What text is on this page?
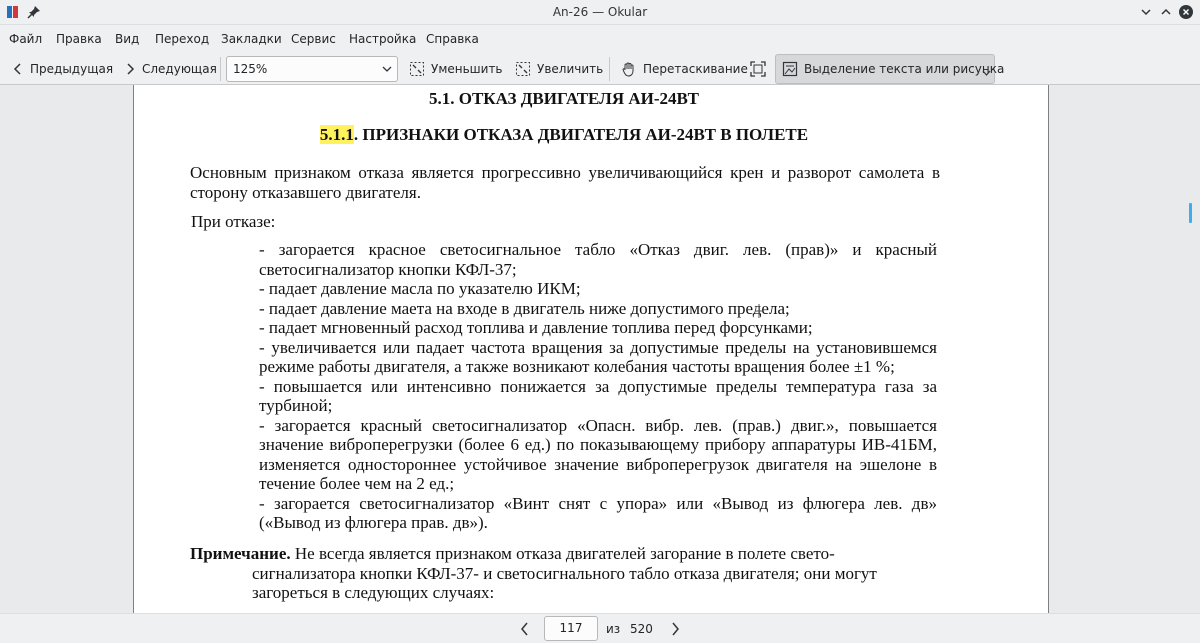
An-26 — Okular
Файл Правка Вид Переход Закладки Сервис Настройка Справка
Предыдущая Следующая 125%	Уменьшить	Увеличить	Перетаскивание	Выделение текста или рисунка
5.1. ОТКАЗ ДВИГАТЕЛЯ АИ-24ВТ
5.1.1. ПРИЗНАКИ ОТКАЗА ДВИГАТЕЛЯ АИ-24ВТ В ПОЛЕТЕ
Основным признаком отказа является прогрессивно увеличивающийся крен и разворот самолета в сторону отказавшего двигателя.
При отказе:
- загорается красное светосигнальное табло «Отказ двиг. лев. (прав)» и красный светосигнализатор кнопки КФЛ-37;
- падает давление масла по указателю ИКМ;
- падает давление маета на входе в двигатель ниже допустимого предела;
- падает мгновенный расход топлива и давление топлива перед форсунками;
- увеличивается или падает частота вращения за допустимые пределы на установившемся режиме работы двигателя, а также возникают колебания частоты вращения более ±1 %;
- повышается или интенсивно понижается за допустимые пределы температура газа за турбиной;
- загорается красный светосигнализатор «Опасн. вибр. лев. (прав.) двиг.», повышается значение виброперегрузки (более 6 ед.) по показывающему прибору аппаратуры ИВ-41БМ, изменяется одностороннее устойчивое значение виброперегрузок двигателя на эшелоне в течение более чем на 2 ед.;
- загорается светосигнализатор «Винт снят с упора» или «Вывод из флюгера лев. дв» («Вывод из флюгера прав. дв»).
Примечание. Не всегда является признаком отказа двигателей загорание в полете свето-
сигнализатора кнопки КФЛ-37- и светосигнального табло отказа двигателя; они могут
загореться в следующих случаях:
117	из 520
